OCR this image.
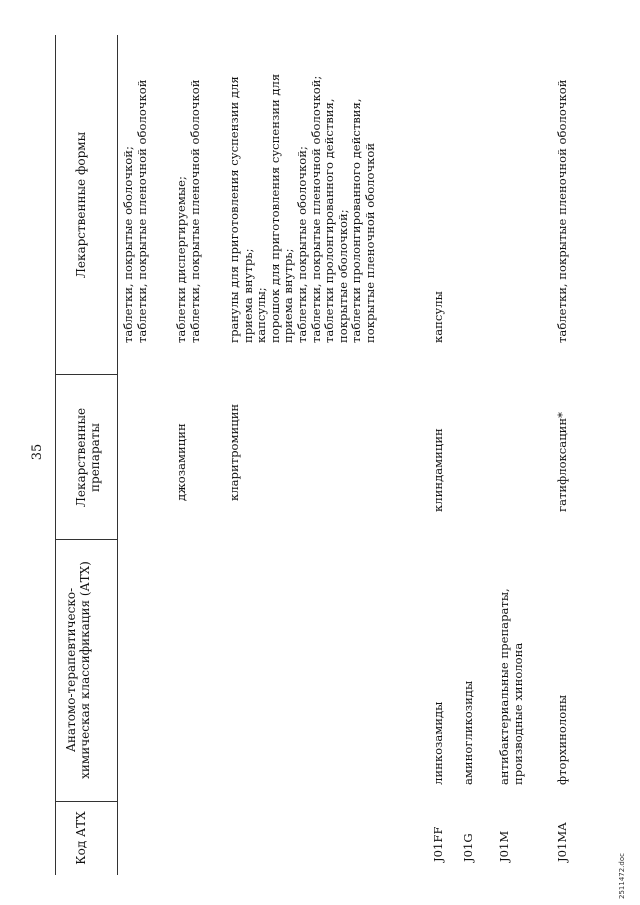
35
Код АТХ
Анатомо-терапевтическо-химическая классификация (АТХ)
Лекарственные препараты
Лекарственные формы	таблетки, покрытые оболочкой; таблетки, покрытые пленочной оболочкой
джозамицин
таблетки диспергируемые; таблетки, покрытые пленочной оболочкой
кларитромицин
гранулы для приготовления суспензии для приема внутрь; капсулы; порошок для приготовления суспензии для приема внутрь; таблетки, покрытые оболочкой; таблетки, покрытые пленочной оболочкой; таблетки пролонгированного действия, покрытые оболочкой; таблетки пролонгированного действия, покрытые пленочной оболочкой
J01FF
линкозамиды
клиндамицин
капсулы
J01G
аминогликозиды
J01M
антибактериальные препараты, производные хинолона
J01MA
фторхинолоны
гатифлоксацин*
таблетки, покрытые пленочной оболочкой
2511472.doc
